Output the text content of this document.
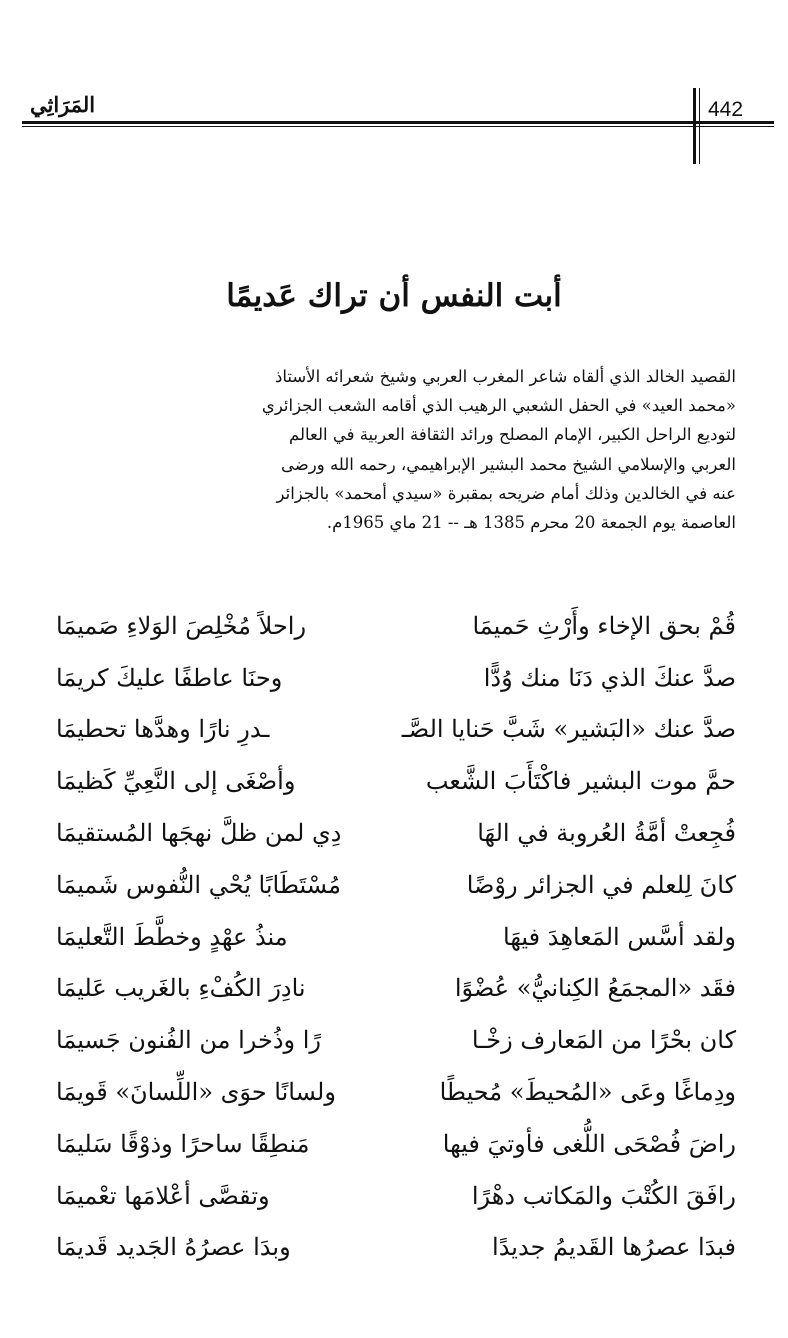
442
المَرَاثِي
أبت النفس أن تراك عَديمًا

القصيد الخالد الذي ألقاه شاعر المغرب العربي وشيخ شعرائه الأستاذ

«محمد العيد» في الحفل الشعبي الرهيب الذي أقامه الشعب الجزائري

لتوديع الراحل الكبير، الإمام المصلح ورائد الثقافة العربية في العالم

العربي والإسلامي الشيخ محمد البشير الإبراهيمي، رحمه الله ورضى

عنه في الخالدين وذلك أمام ضريحه بمقبرة «سيدي أمحمد» بالجزائر

العاصمة يوم الجمعة 20 محرم 1385 هـ -- 21 ماي 1965م.

قُمْ بحق الإخاء وأَرْثِ حَميمَا
راحلاً مُخْلِصَ الوَلاءِ صَميمَا
صدَّ عنكَ الذي دَنَا منك وُدًّا
وحنَا عاطفًا عليكَ كريمَا
صدَّ عنك «البَشير» شَبَّ حَنايا الصَّـ
ـدرِ نارًا وهدَّها تحطيمَا
حمَّ موت البشير فاكْتَأَبَ الشَّعب
وأصْغَى إلى النَّعِيِّ كَظيمَا
فُجِعتْ أمَّةُ العُروبة في الهَا
دِي لمن ظلَّ نهجَها المُستقيمَا
كانَ لِلعلم في الجزائر روْضًا
مُسْتَطَابًا يُحْي النُّفوس شَميمَا
ولقد أسَّس المَعاهِدَ فيهَا
منذُ عهْدٍ وخطَّطَ التَّعليمَا
فقَد «المجمَعُ الكِنانيُّ» عُضْوًا
نادِرَ الكُفْءِ بالغَريب عَليمَا
كان بحْرًا من المَعارف زخْـا
رًا وذُخرا من الفُنون جَسيمَا
ودِماغًا وعَى «المُحيطَ» مُحيطًا
ولسانًا حوَى «اللِّسانَ» قَويمَا
راضَ فُصْحَى اللُّغى فأوتيَ فيها
مَنطِقًا ساحرًا وذوْقًا سَليمَا
رافَقَ الكُتْبَ والمَكاتب دهْرًا
وتقصَّى أعْلامَها تعْميمَا
فبدَا عصرُها القَديمُ جديدًا
وبدَا عصرُهُ الجَديد قَديمَا
